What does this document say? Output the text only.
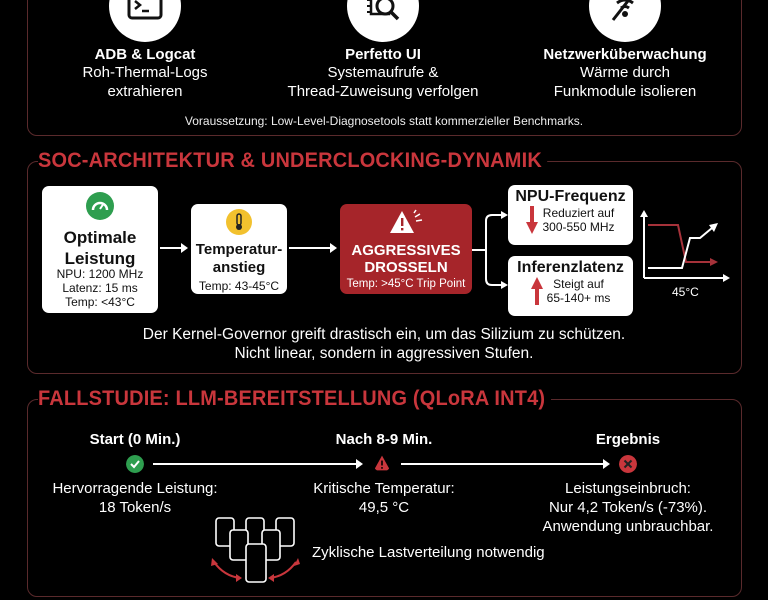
ADB & Logcat
Roh-Thermal-Logs
extrahieren
Perfetto UI
Systemaufrufe &
Thread-Zuweisung verfolgen
Netzwerküberwachung
Wärme durch
Funkmodule isolieren
Voraussetzung: Low-Level-Diagnosetools statt kommerzieller Benchmarks.
SOC-ARCHITEKTUR & UNDERCLOCKING-DYNAMIK
Optimale
Leistung
NPU: 1200 MHz
Latenz: 15 ms
Temp: <43°C
Temperatur-
anstieg
Temp: 43-45°C
AGGRESSIVES
DROSSELN
Temp: >45°C Trip Point
NPU-Frequenz
Reduziert auf
300-550 MHz
Inferenzlatenz
Steigt auf
65-140+ ms	45°C
Der Kernel-Governor greift drastisch ein, um das Silizium zu schützen.
Nicht linear, sondern in aggressiven Stufen.
FALLSTUDIE: LLM-BEREITSTELLUNG (QLoRA INT4)
Start (0 Min.)	Nach 8-9 Min.	Ergebnis
Hervorragende Leistung:
18 Token/s
Kritische Temperatur:
49,5 °C
Leistungseinbruch:
Nur 4,2 Token/s (-73%).
Anwendung unbrauchbar.
Zyklische Lastverteilung notwendig
